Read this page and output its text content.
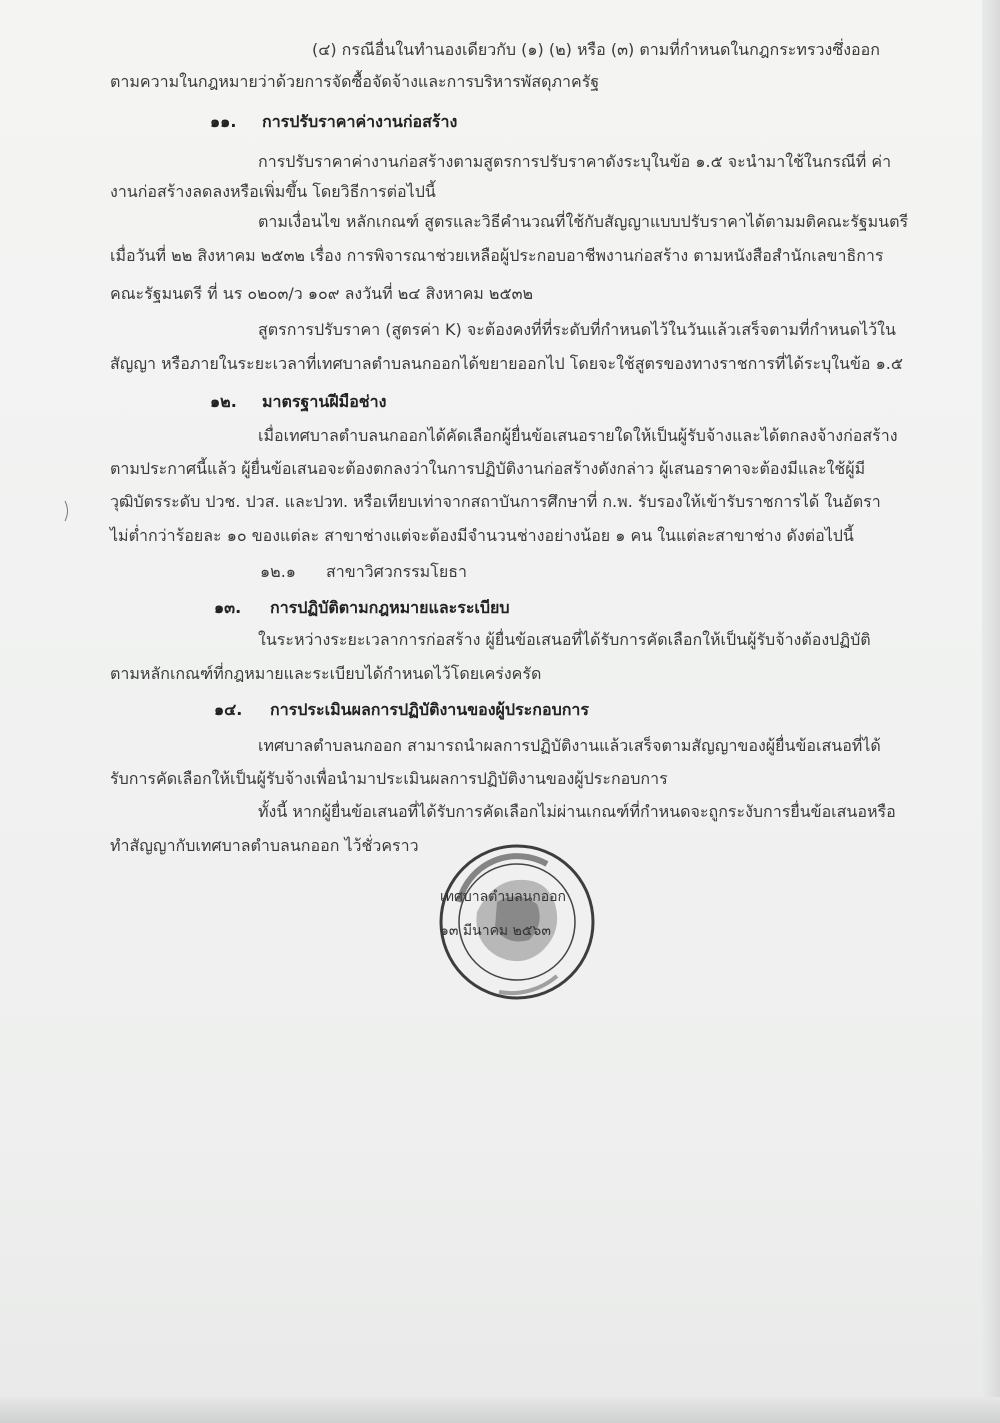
(๔) กรณีอื่นในทำนองเดียวกับ (๑) (๒) หรือ (๓) ตามที่กำหนดในกฎกระทรวงซึ่งออก
ตามความในกฎหมายว่าด้วยการจัดซื้อจัดจ้างและการบริหารพัสดุภาครัฐ
๑๑. การปรับราคาค่างานก่อสร้าง
การปรับราคาค่างานก่อสร้างตามสูตรการปรับราคาดังระบุในข้อ ๑.๕ จะนำมาใช้ในกรณีที่ ค่า
งานก่อสร้างลดลงหรือเพิ่มขึ้น โดยวิธีการต่อไปนี้
ตามเงื่อนไข หลักเกณฑ์ สูตรและวิธีคำนวณที่ใช้กับสัญญาแบบปรับราคาได้ตามมติคณะรัฐมนตรี
เมื่อวันที่ ๒๒ สิงหาคม ๒๕๓๒ เรื่อง การพิจารณาช่วยเหลือผู้ประกอบอาชีพงานก่อสร้าง ตามหนังสือสำนักเลขาธิการ
คณะรัฐมนตรี ที่ นร ๐๒๐๓/ว ๑๐๙ ลงวันที่ ๒๔ สิงหาคม ๒๕๓๒
สูตรการปรับราคา (สูตรค่า K) จะต้องคงที่ที่ระดับที่กำหนดไว้ในวันแล้วเสร็จตามที่กำหนดไว้ใน
สัญญา หรือภายในระยะเวลาที่เทศบาลตำบลนกออกได้ขยายออกไป โดยจะใช้สูตรของทางราชการที่ได้ระบุในข้อ ๑.๕
๑๒. มาตรฐานฝีมือช่าง
เมื่อเทศบาลตำบลนกออกได้คัดเลือกผู้ยื่นข้อเสนอรายใดให้เป็นผู้รับจ้างและได้ตกลงจ้างก่อสร้าง
ตามประกาศนี้แล้ว ผู้ยื่นข้อเสนอจะต้องตกลงว่าในการปฏิบัติงานก่อสร้างดังกล่าว ผู้เสนอราคาจะต้องมีและใช้ผู้มี
วุฒิบัตรระดับ ปวช. ปวส. และปวท. หรือเทียบเท่าจากสถาบันการศึกษาที่ ก.พ. รับรองให้เข้ารับราชการได้ ในอัตรา
ไม่ต่ำกว่าร้อยละ ๑๐ ของแต่ละ สาขาช่างแต่จะต้องมีจำนวนช่างอย่างน้อย ๑ คน ในแต่ละสาขาช่าง ดังต่อไปนี้
๑๒.๑ สาขาวิศวกรรมโยธา
๑๓. การปฏิบัติตามกฎหมายและระเบียบ
ในระหว่างระยะเวลาการก่อสร้าง ผู้ยื่นข้อเสนอที่ได้รับการคัดเลือกให้เป็นผู้รับจ้างต้องปฏิบัติ
ตามหลักเกณฑ์ที่กฎหมายและระเบียบได้กำหนดไว้โดยเคร่งครัด
๑๔. การประเมินผลการปฏิบัติงานของผู้ประกอบการ
เทศบาลตำบลนกออก สามารถนำผลการปฏิบัติงานแล้วเสร็จตามสัญญาของผู้ยื่นข้อเสนอที่ได้
รับการคัดเลือกให้เป็นผู้รับจ้างเพื่อนำมาประเมินผลการปฏิบัติงานของผู้ประกอบการ
ทั้งนี้ หากผู้ยื่นข้อเสนอที่ได้รับการคัดเลือกไม่ผ่านเกณฑ์ที่กำหนดจะถูกระงับการยื่นข้อเสนอหรือ
ทำสัญญากับเทศบาลตำบลนกออก ไว้ชั่วคราว
เทศบาลตำบลนกออก
๑๓ มีนาคม ๒๕๖๓
